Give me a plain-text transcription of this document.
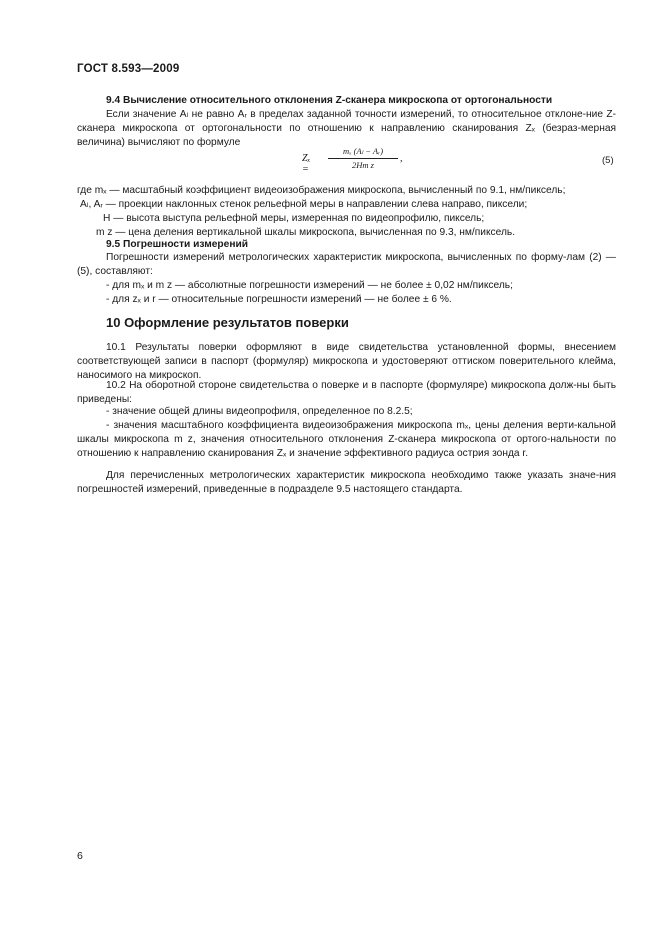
ГОСТ 8.593—2009
9.4 Вычисление относительного отклонения Z-сканера микроскопа от ортогональности
Если значение Aₗ не равно Aᵣ в пределах заданной точности измерений, то относительное отклоне-ние Z-сканера микроскопа от ортогональности по отношению к направлению сканирования Zₓ (безраз-мерная величина) вычисляют по формуле
$Z_x = \frac{\text{mₓ (Aₗ − Aᵣ)}}{\text{2Hm z}}$ ,	(5)
где mₓ — масштабный коэффициент видеоизображения микроскопа, вычисленный по 9.1, нм/пиксель;
Aₗ, Aᵣ — проекции наклонных стенок рельефной меры в направлении слева направо, пиксели;
H — высота выступа рельефной меры, измеренная по видеопрофилю, пиксель;
m z — цена деления вертикальной шкалы микроскопа, вычисленная по 9.3, нм/пиксель.
9.5 Погрешности измерений
Погрешности измерений метрологических характеристик микроскопа, вычисленных по форму-лам (2) — (5), составляют:
- для mₓ и m z — абсолютные погрешности измерений — не более ± 0,02 нм/пиксель;
- для zₓ и r — относительные погрешности измерений — не более ± 6 %.
10 Оформление результатов поверки
10.1 Результаты поверки оформляют в виде свидетельства установленной формы, внесением соответствующей записи в паспорт (формуляр) микроскопа и удостоверяют оттиском поверительного клейма, наносимого на микроскоп.
10.2 На оборотной стороне свидетельства о поверке и в паспорте (формуляре) микроскопа долж-ны быть приведены:
- значение общей длины видеопрофиля, определенное по 8.2.5;
- значения масштабного коэффициента видеоизображения микроскопа mₓ, цены деления верти-кальной шкалы микроскопа m z, значения относительного отклонения Z-сканера микроскопа от ортого-нальности по отношению к направлению сканирования Zₓ и значение эффективного радиуса острия зонда r.
Для перечисленных метрологических характеристик микроскопа необходимо также указать значе-ния погрешностей измерений, приведенные в подразделе 9.5 настоящего стандарта.
6
